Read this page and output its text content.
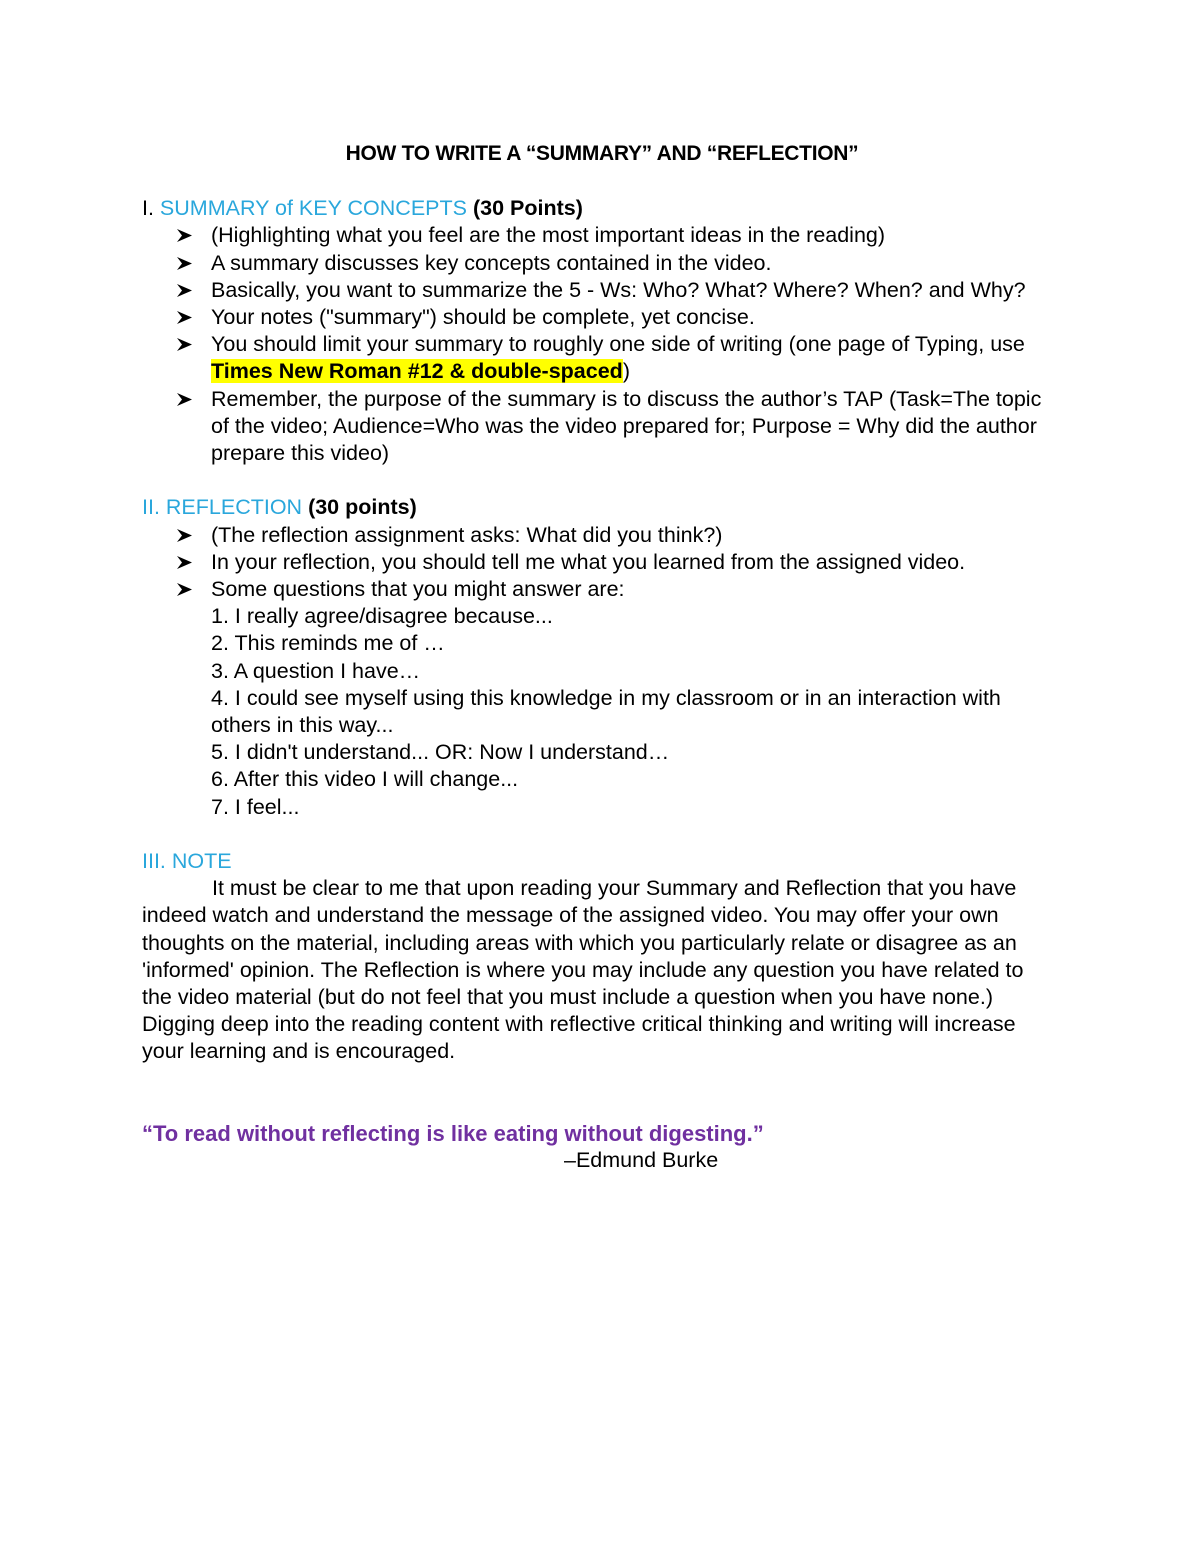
HOW TO WRITE A “SUMMARY” AND “REFLECTION”

I. SUMMARY of KEY CONCEPTS (30 Points)

(Highlighting what you feel are the most important ideas in the reading)
A summary discusses key concepts contained in the video.
Basically, you want to summarize the 5 - Ws: Who? What? Where? When? and Why?
Your notes ("summary") should be complete, yet concise.
You should limit your summary to roughly one side of writing (one page of Typing, use Times New Roman #12 & double-spaced)
Remember, the purpose of the summary is to discuss the author’s TAP (Task=The topic of the video; Audience=Who was the video prepared for; Purpose = Why did the author prepare this video)

II. REFLECTION (30 points)

(The reflection assignment asks: What did you think?)
In your reflection, you should tell me what you learned from the assigned video.
Some questions that you might answer are:
1. I really agree/disagree because...
2. This reminds me of …
3. A question I have…
4. I could see myself using this knowledge in my classroom or in an interaction with others in this way...
5. I didn't understand... OR: Now I understand…
6. After this video I will change...
7. I feel...

III. NOTE

It must be clear to me that upon reading your Summary and Reflection that you have indeed watch and understand the message of the assigned video. You may offer your own thoughts on the material, including areas with which you particularly relate or disagree as an 'informed' opinion. The Reflection is where you may include any question you have related to the video material (but do not feel that you must include a question when you have none.) Digging deep into the reading content with reflective critical thinking and writing will increase your learning and is encouraged.

“To read without reflecting is like eating without digesting.”

–Edmund Burke
